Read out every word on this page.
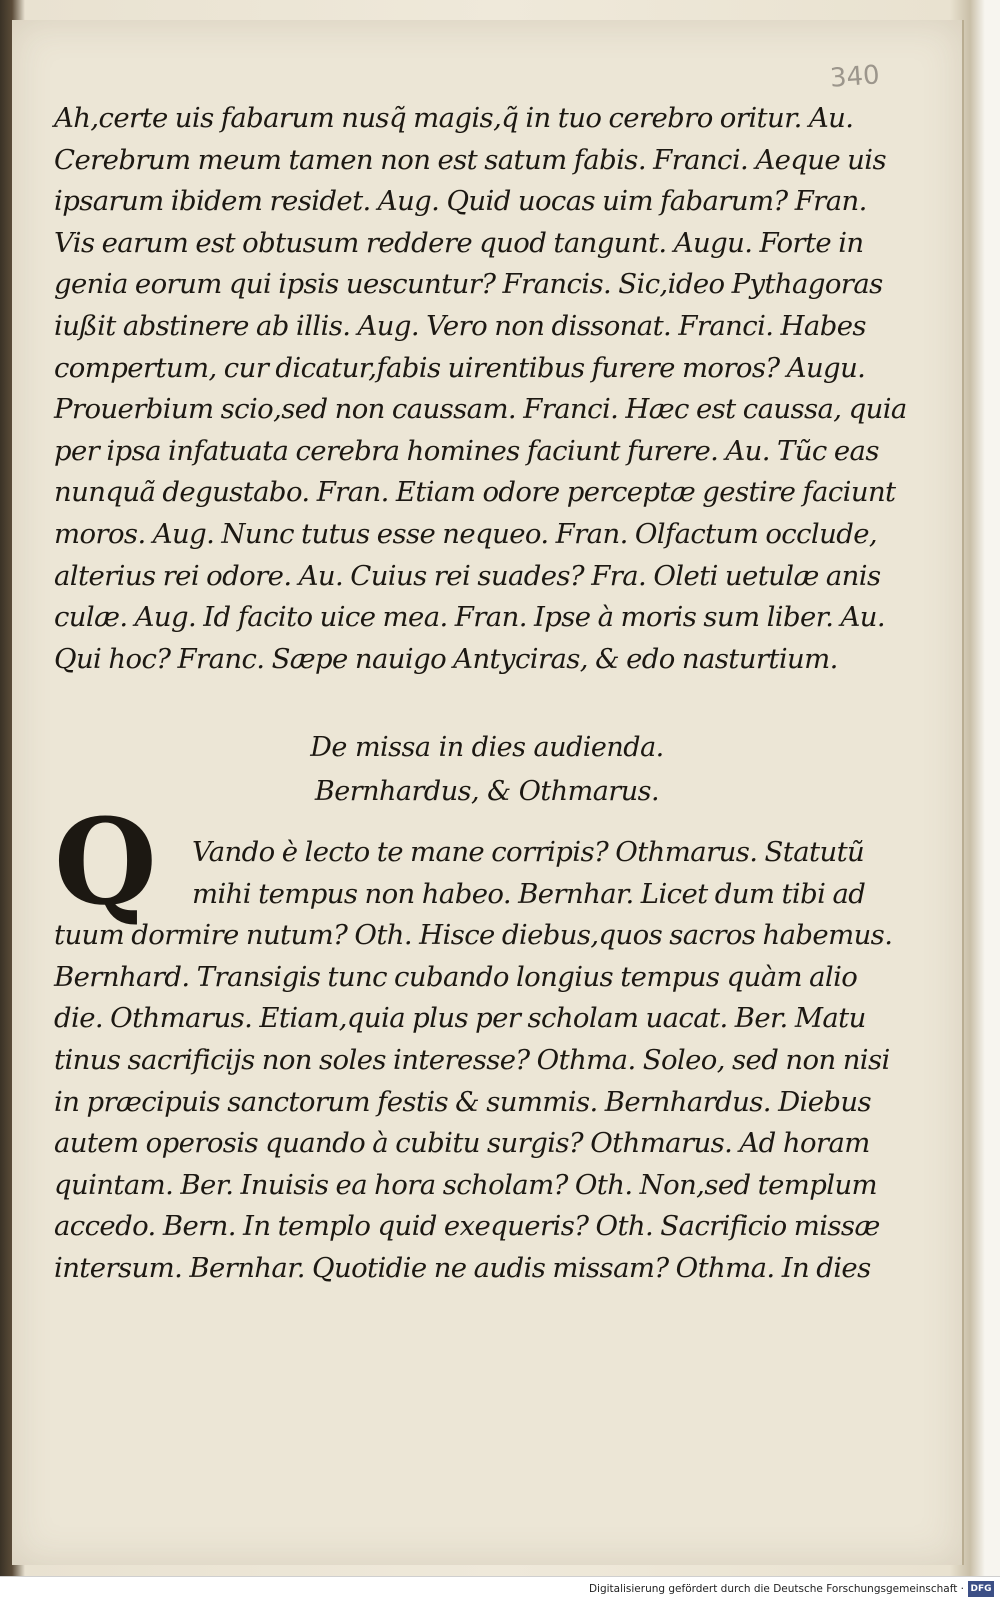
340
Ah,certe uis fabarum nusq̃ magis,q̃ in tuo cerebro oritur. Au.
Cerebrum meum tamen non est satum fabis. Franci. Aeque uis
ipsarum ibidem residet. Aug. Quid uocas uim fabarum? Fran.
Vis earum est obtusum reddere quod tangunt. Augu. Forte in
genia eorum qui ipsis uescuntur? Francis. Sic,ideo Pythagoras
iußit abstinere ab illis. Aug. Vero non dissonat. Franci. Habes
compertum, cur dicatur,fabis uirentibus furere moros? Augu.
Prouerbium scio,sed non caussam. Franci. Hæc est caussa, quia
per ipsa infatuata cerebra homines faciunt furere. Au. Tũc eas
nunquã degustabo. Fran. Etiam odore perceptæ gestire faciunt
moros. Aug. Nunc tutus esse nequeo. Fran. Olfactum occlude,
alterius rei odore. Au. Cuius rei suades? Fra. Oleti uetulæ anis
culæ. Aug. Id facito uice mea. Fran. Ipse à moris sum liber. Au.
Qui hoc? Franc. Sæpe nauigo Antyciras, & edo nasturtium.
De missa in dies audienda.
Bernhardus, & Othmarus.
Q	Vando è lecto te mane corripis? Othmarus. Statutũ
mihi tempus non habeo. Bernhar. Licet dum tibi ad
tuum dormire nutum? Oth. Hisce diebus,quos sacros habemus.
Bernhard. Transigis tunc cubando longius tempus quàm alio
die. Othmarus. Etiam,quia plus per scholam uacat. Ber. Matu
tinus sacrificijs non soles interesse? Othma. Soleo, sed non nisi
in præcipuis sanctorum festis & summis. Bernhardus. Diebus
autem operosis quando à cubitu surgis? Othmarus. Ad horam
quintam. Ber. Inuisis ea hora scholam? Oth. Non,sed templum
accedo. Bern. In templo quid exequeris? Oth. Sacrificio missæ
intersum. Bernhar. Quotidie ne audis missam? Othma. In dies
Digitalisierung gefördert durch die Deutsche Forschungsgemeinschaft · DFG
